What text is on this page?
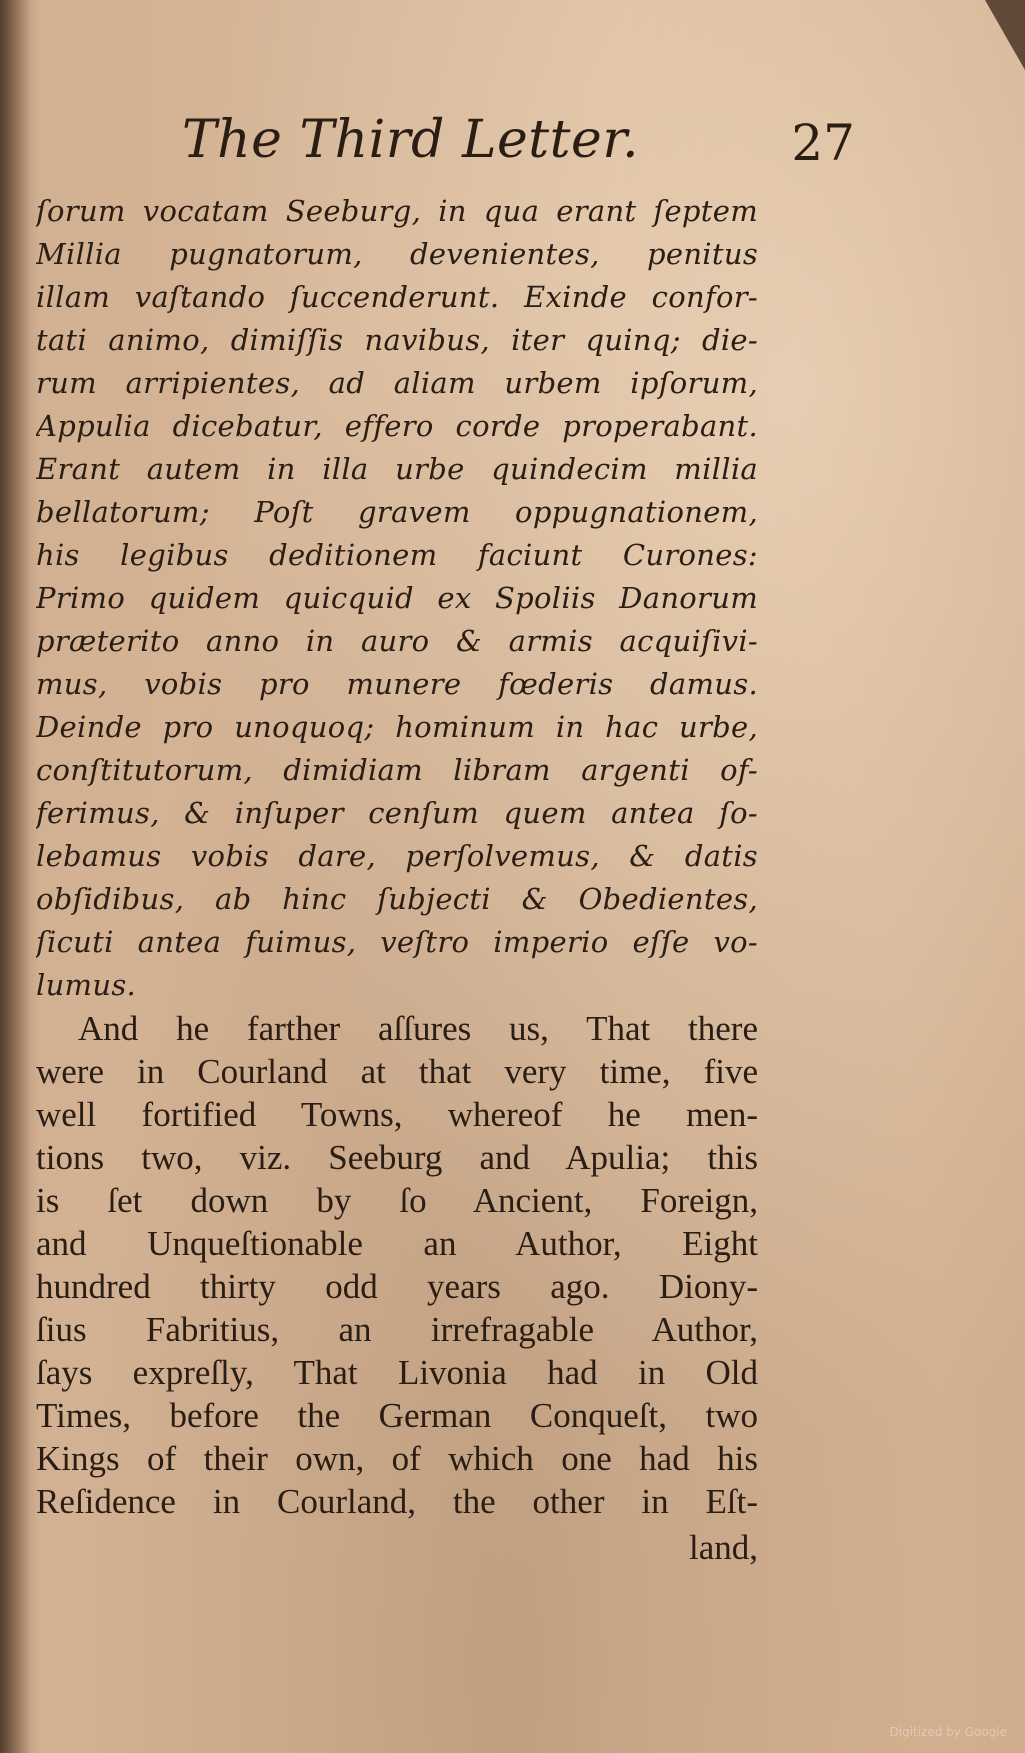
The Third Letter.	27
ſorum vocatam Seeburg, in qua erant ſeptem
Millia pugnatorum, devenientes, penitus
illam vaſtando ſuccenderunt. Exinde confor-
tati animo, dimiſſis navibus, iter quinq; die-
rum arripientes, ad aliam urbem ipſorum,
Appulia dicebatur, effero corde properabant.
Erant autem in illa urbe quindecim millia
bellatorum; Poſt gravem oppugnationem,
his legibus deditionem faciunt Curones:
Primo quidem quicquid ex Spoliis Danorum
præterito anno in auro & armis acquiſivi-
mus, vobis pro munere fœderis damus.
Deinde pro unoquoq; hominum in hac urbe,
conſtitutorum, dimidiam libram argenti of-
ferimus, & inſuper cenſum quem antea ſo-
lebamus vobis dare, perſolvemus, & datis
obſidibus, ab hinc ſubjecti & Obedientes,
ſicuti antea fuimus, veſtro imperio eſſe vo-
lumus.
And he farther aſſures us, That there
were in Courland at that very time, five
well fortified Towns, whereof he men-
tions two, viz. Seeburg and Apulia; this
is ſet down by ſo Ancient, Foreign,
and Unqueſtionable an Author, Eight
hundred thirty odd years ago. Diony-
ſius Fabritius, an irrefragable Author,
ſays expreſly, That Livonia had in Old
Times, before the German Conqueſt, two
Kings of their own, of which one had his
Reſidence in Courland, the other in Eſt-
land,
Digitized by Google
